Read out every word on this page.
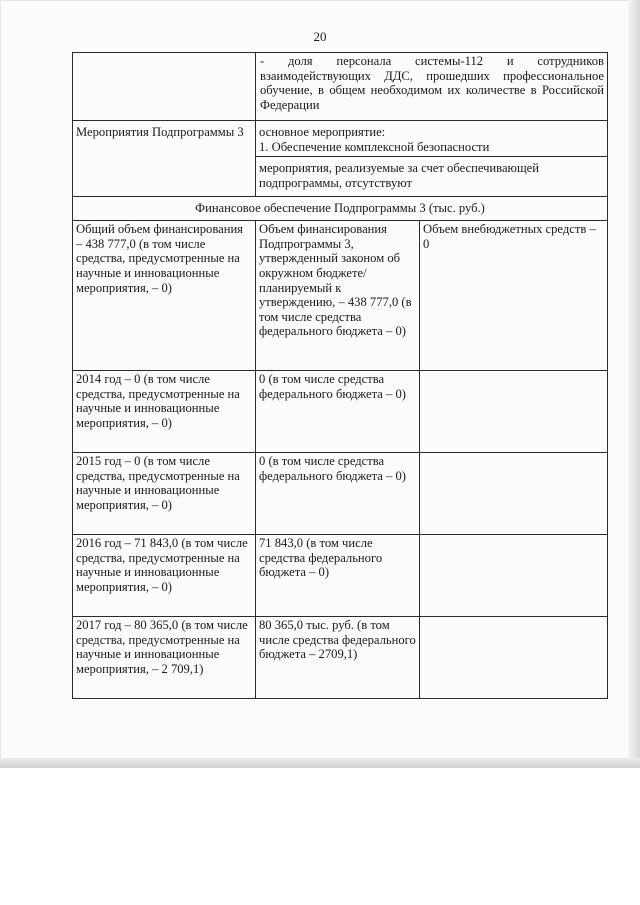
20
	- доля персонала системы-112 и сотрудников взаимодействующих ДДС, прошедших профессиональное обучение, в общем необходимом их количестве в Российской Федерации	
Мероприятия Подпрограммы 3	основное мероприятие:
1. Обеспечение комплексной безопасности	

	мероприятия, реализуемые за счет обеспечивающей подпрограммы, отсутствуют	
Финансовое обеспечение Подпрограммы 3 (тыс. руб.)		
Общий объем финансирования – 438 777,0 (в том числе средства, предусмотренные на научные и инновационные мероприятия, – 0)	Объем финансирования Подпрограммы 3, утвержденный законом об окружном бюджете/планируемый к утверждению, – 438 777,0 (в том числе средства федерального бюджета – 0)	Объем внебюджетных средств – 0
2014 год – 0 (в том числе средства, предусмотренные на научные и инновационные мероприятия, – 0)	0 (в том числе средства федерального бюджета – 0)	
2015 год – 0 (в том числе средства, предусмотренные на научные и инновационные мероприятия, – 0)	0 (в том числе средства федерального бюджета – 0)	
2016 год – 71 843,0 (в том числе средства, предусмотренные на научные и инновационные мероприятия, – 0)	71 843,0 (в том числе средства федерального бюджета – 0)	
2017 год – 80 365,0 (в том числе средства, предусмотренные на научные и инновационные мероприятия, – 2 709,1)	80 365,0 тыс. руб. (в том числе средства федерального бюджета – 2709,1)	
